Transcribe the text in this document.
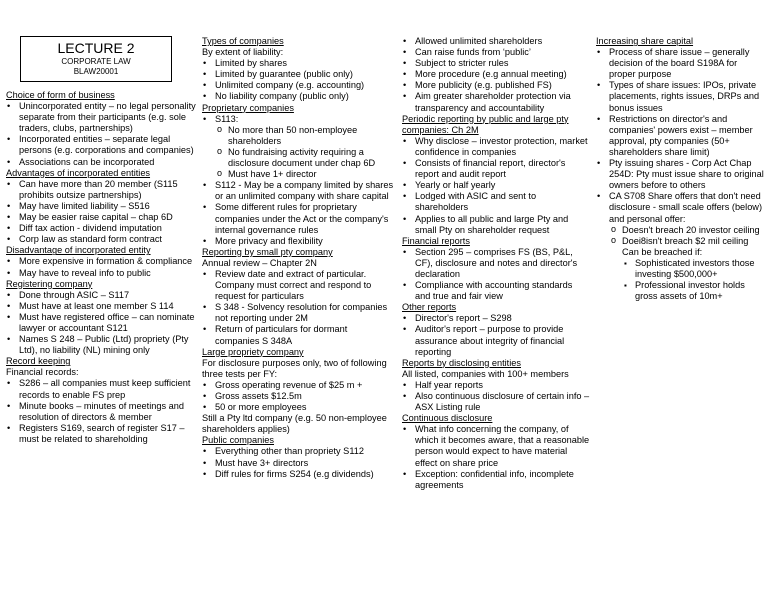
LECTURE 2
CORPORATE LAW
BLAW20001
Choice of form of business
• Unincorporated entity – no legal personality separate from their participants (e.g. sole traders, clubs, partnerships)
• Incorporated entities – separate legal persons (e.g. corporations and companies)
• Associations can be incorporated
Advantages of incorporated entities
• Can have more than 20 member (S115 prohibits outsize partnerships)
• May have limited liability – S516
• May be easier raise capital – chap 6D
• Diff tax action - dividend imputation
• Corp law as standard form contract
Disadvantage of incorporated entity
• More expensive in formation & compliance
• May have to reveal info to public
Registering company
• Done through ASIC – S117
• Must have at least one member S 114
• Must have registered office – can nominate lawyer or accountant S121
• Names S 248 – Public (Ltd) propriety (Pty Ltd), no liability (NL) mining only
Record keeping
Financial records:
• S286 – all companies must keep sufficient records to enable FS prep
• Minute books – minutes of meetings and resolution of directors & member
• Registers S169, search of register S17 – must be related to shareholding
Types of companies
By extent of liability:
• Limited by shares
• Limited by guarantee (public only)
• Unlimited company (e.g. accounting)
• No liability company (public only)
Proprietary companies
• S113:
o No more than 50 non-employee shareholders
o No fundraising activity requiring a disclosure document under chap 6D
o Must have 1+ director
• S112 - May be a company limited by shares or an unlimited company with share capital
• Some different rules for proprietary companies under the Act or the company's internal governance rules
• More privacy and flexibility
Reporting by small pty company
Annual review – Chapter 2N
• Review date and extract of particular. Company must correct and respond to request for particulars
• S 348 - Solvency resolution for companies not reporting under 2M
• Return of particulars for dormant companies S 348A
Large propriety company
For disclosure purposes only, two of following three tests per FY:
• Gross operating revenue of $25 m +
• Gross assets $12.5m
• 50 or more employees
Still a Pty ltd company (e.g. 50 non-employee shareholders applies)
Public companies
• Everything other than propriety S112
• Must have 3+ directors
• Diff rules for firms S254 (e.g dividends)
• Allowed unlimited shareholders
• Can raise funds from ‘public’
• Subject to stricter rules
• More procedure (e.g annual meeting)
• More publicity (e.g. published FS)
• Aim greater shareholder protection via transparency and accountability
Periodic reporting by public and large pty companies: Ch 2M
• Why disclose – investor protection, market confidence in companies
• Consists of financial report, director's report and audit report
• Yearly or half yearly
• Lodged with ASIC and sent to shareholders
• Applies to all public and large Pty and small Pty on shareholder request
Financial reports
• Section 295 – comprises FS (BS, P&L, CF), disclosure and notes and director's declaration
• Compliance with accounting standards and true and fair view
Other reports
• Director's report – S298
• Auditor's report – purpose to provide assurance about integrity of financial reporting
Reports by disclosing entities
All listed, companies with 100+ members
• Half year reports
• Also continuous disclosure of certain info – ASX Listing rule
Continuous disclosure
• What info concerning the company, of which it becomes aware, that a reasonable person would expect to have material effect on share price
• Exception: confidential info, incomplete agreements
Increasing share capital
• Process of share issue – generally decision of the board S198A for proper purpose
• Types of share issues: IPOs, private placements, rights issues, DRPs and bonus issues
• Restrictions on director's and companies' powers exist – member approval, pty companies (50+ shareholders share limit)
• Pty issuing shares - Corp Act Chap 254D: Pty must issue share to original owners before to others
• CA S708 Share offers that don't need disclosure - small scale offers (below) and personal offer:
o Doesn't breach 20 investor ceiling
o Doei8isn't breach $2 mil ceiling Can be breached if:
▪ Sophisticated investors those investing $500,000+
▪ Professional investor holds gross assets of 10m+
